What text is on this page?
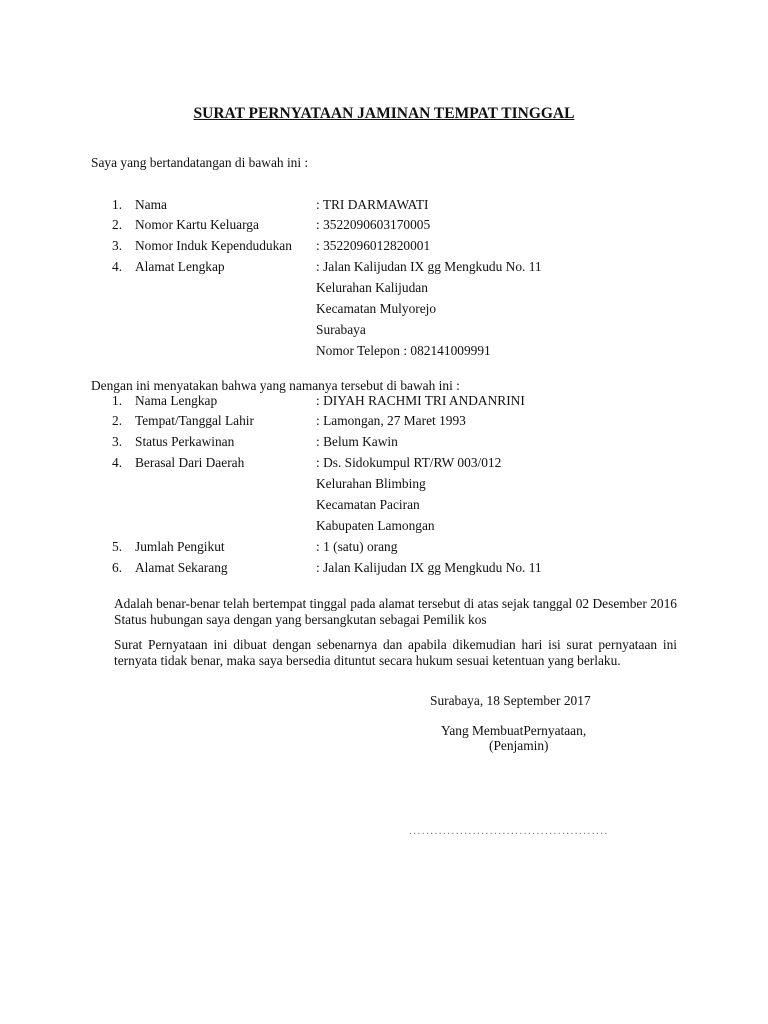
SURAT PERNYATAAN JAMINAN TEMPAT TINGGAL
Saya yang bertandatangan di bawah ini :
1. Nama	: TRI DARMAWATI
2. Nomor Kartu Keluarga	: 3522090603170005
3. Nomor Induk Kependudukan : 3522096012820001
4. Alamat Lengkap	: Jalan Kalijudan IX gg Mengkudu No. 11
Kelurahan Kalijudan
Kecamatan Mulyorejo
Surabaya
Nomor Telepon : 082141009991
Dengan ini menyatakan bahwa yang namanya tersebut di bawah ini :
1. Nama Lengkap	: DIYAH RACHMI TRI ANDANRINI
2. Tempat/Tanggal Lahir	: Lamongan, 27 Maret 1993
3. Status Perkawinan	: Belum Kawin
4. Berasal Dari Daerah	: Ds. Sidokumpul RT/RW 003/012
Kelurahan Blimbing
Kecamatan Paciran
Kabupaten Lamongan
5. Jumlah Pengikut	: 1 (satu) orang
6. Alamat Sekarang	: Jalan Kalijudan IX gg Mengkudu No. 11
Adalah benar-benar telah bertempat tinggal pada alamat tersebut di atas sejak tanggal 02 Desember 2016 Status hubungan saya dengan yang bersangkutan sebagai Pemilik kos
Surat Pernyataan ini dibuat dengan sebenarnya dan apabila dikemudian hari isi surat pernyataan ini ternyata tidak benar, maka saya bersedia dituntut secara hukum sesuai ketentuan yang berlaku.
Surabaya, 18 September 2017
Yang MembuatPernyataan,
(Penjamin)
...............................................
